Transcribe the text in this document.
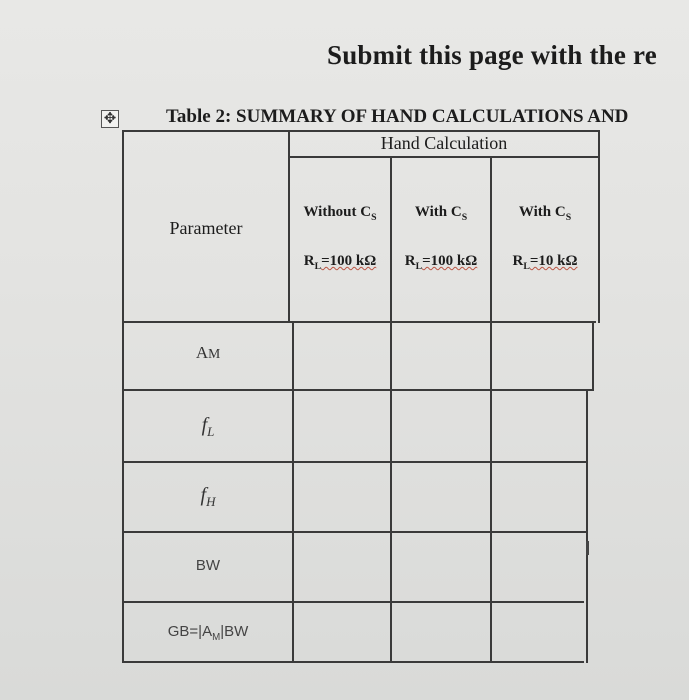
Submit this page with the re
✥	Table 2: SUMMARY OF HAND CALCULATIONS AND
Hand Calculation
Parameter
Without $C_S$	With $C_S$	With $C_S$
$R_L=100$ kΩ	$R_L=100$ kΩ	$R_L=10$ kΩ
AM
$f_L$
$f_H$
BW
$GB=|A_M|BW$
